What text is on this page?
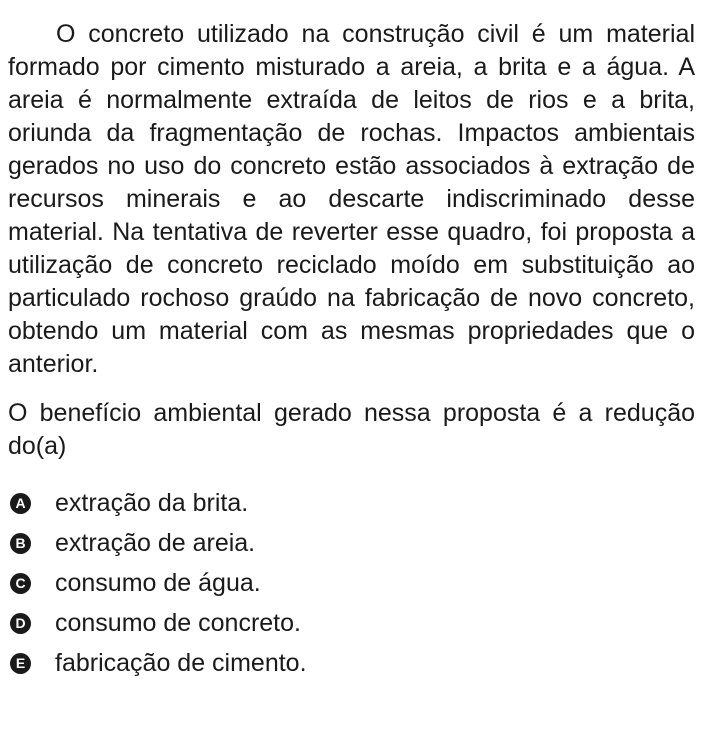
O concreto utilizado na construção civil é um material formado por cimento misturado a areia, a brita e a água. A areia é normalmente extraída de leitos de rios e a brita, oriunda da fragmentação de rochas. Impactos ambientais gerados no uso do concreto estão associados à extração de recursos minerais e ao descarte indiscriminado desse material. Na tentativa de reverter esse quadro, foi proposta a utilização de concreto reciclado moído em substituição ao particulado rochoso graúdo na fabricação de novo concreto, obtendo um material com as mesmas propriedades que o anterior.

O benefício ambiental gerado nessa proposta é a redução do(a)

A extração da brita.
B extração de areia.
C consumo de água.
D consumo de concreto.
E fabricação de cimento.
